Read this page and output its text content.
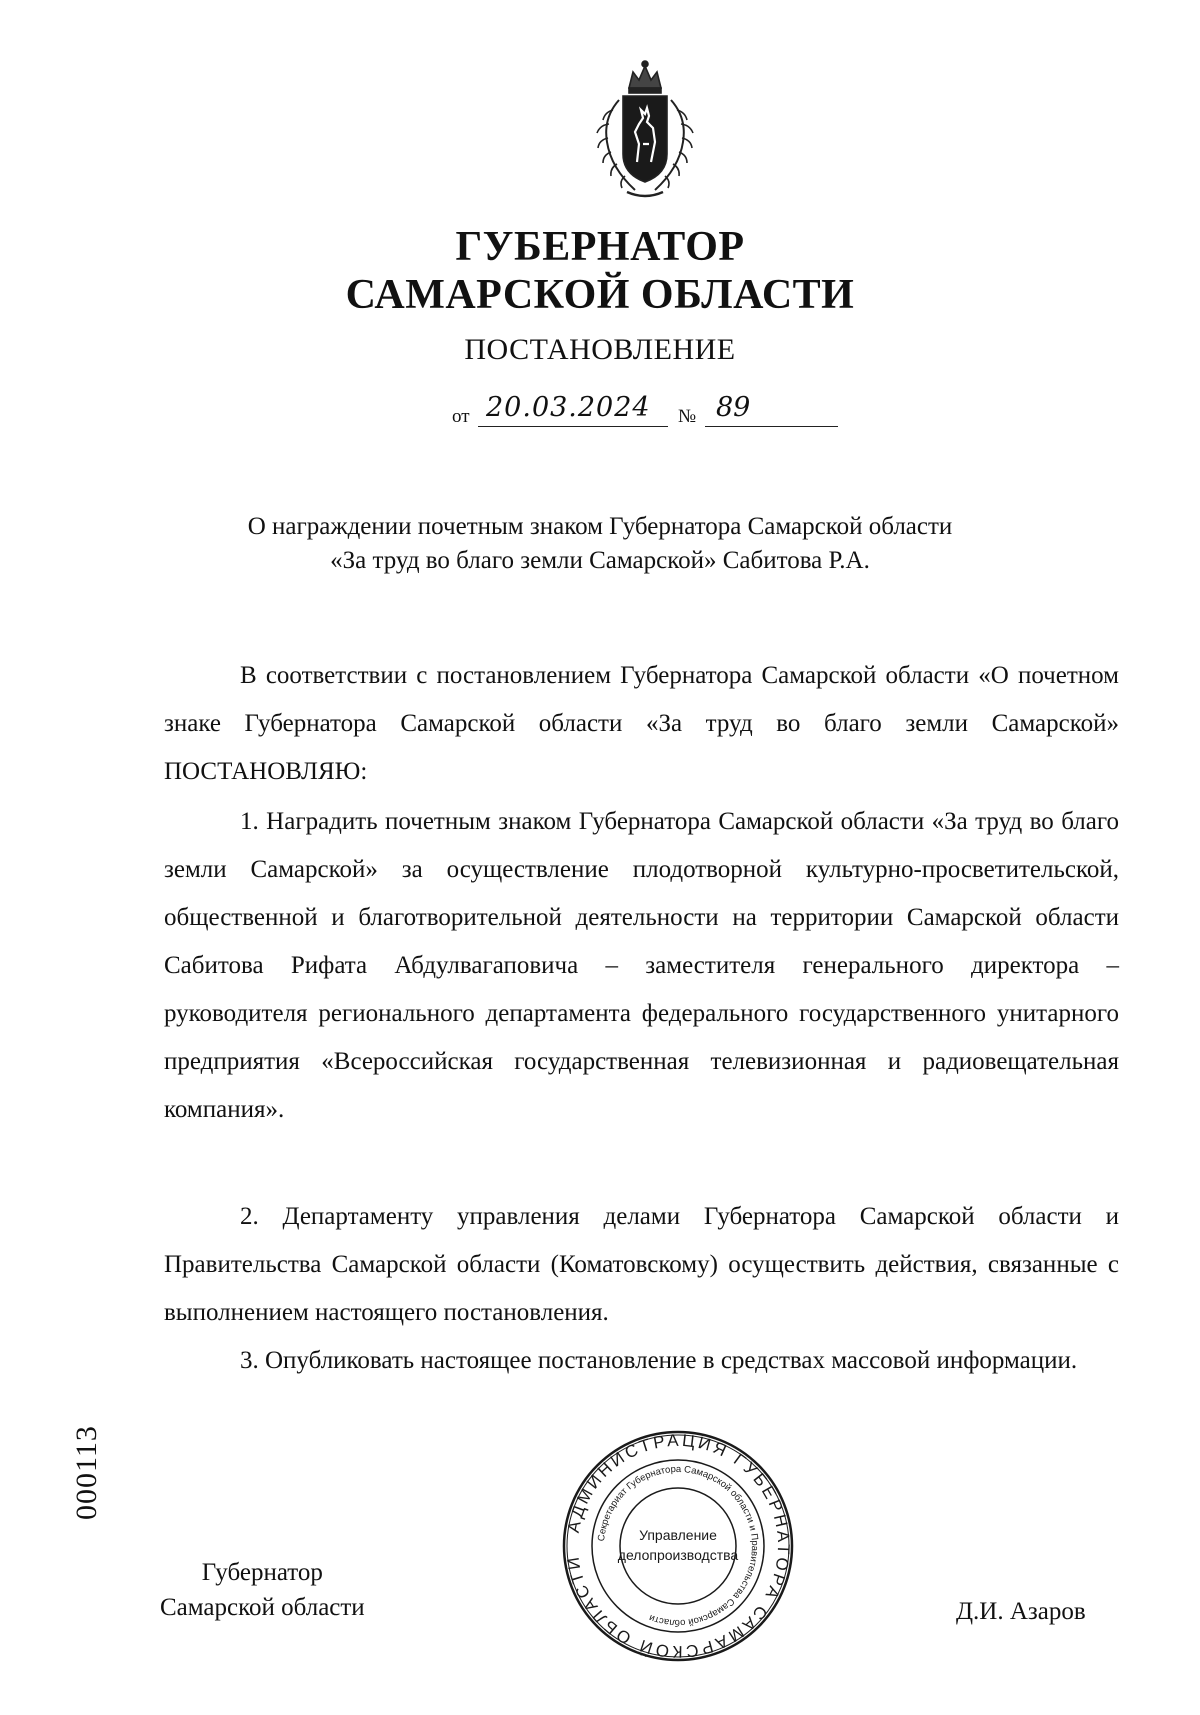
ГУБЕРНАТОР
САМАРСКОЙ ОБЛАСТИ
ПОСТАНОВЛЕНИЕ
от 20.03.2024 № 89
О награждении почетным знаком Губернатора Самарской области
«За труд во благо земли Самарской» Сабитова Р.А.

В соответствии с постановлением Губернатора Самарской области «О почетном знаке Губернатора Самарской области «За труд во благо земли Самарской» ПОСТАНОВЛЯЮ:

1. Наградить почетным знаком Губернатора Самарской области «За труд во благо земли Самарской» за осуществление плодотворной культурно-просветительской, общественной и благотворительной деятельности на территории Самарской области Сабитова Рифата Абдулвагаповича – заместителя генерального директора – руководителя регионального департамента федерального государственного унитарного предприятия «Всероссийская государственная телевизионная и радиовещательная компания».

2. Департаменту управления делами Губернатора Самарской области и Правительства Самарской области (Коматовскому) осуществить действия, связанные с выполнением настоящего постановления.

3. Опубликовать настоящее постановление в средствах массовой информации.

000113
Губернатор
Самарской области
АДМИНИСТРАЦИЯ ГУБЕРНАТОРА САМАРСКОЙ ОБЛАСТИ
Секретариат Губернатора Самарской области и Правительства Самарской области
Управление
делопроизводства
Д.И. Азаров
